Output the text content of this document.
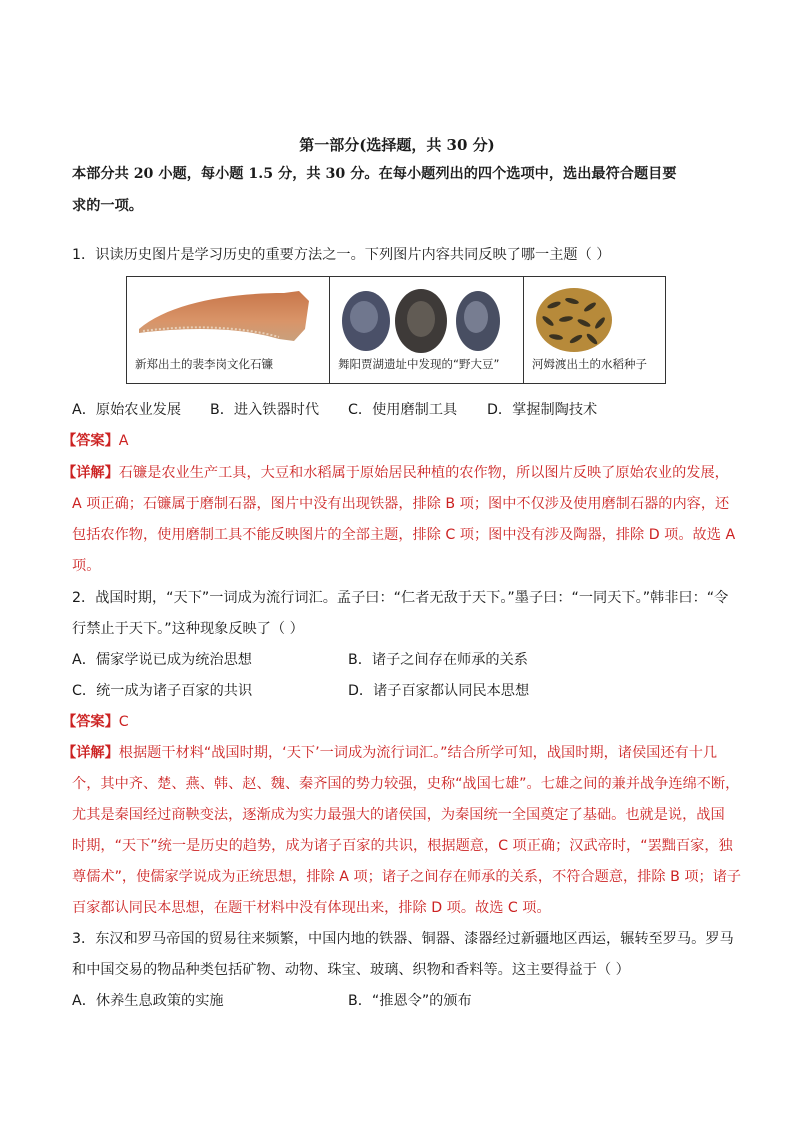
第一部分(选择题，共 30 分)
本部分共 20 小题，每小题 1.5 分，共 30 分。在每小题列出的四个选项中，选出最符合题目要
求的一项。
1．识读历史图片是学习历史的重要方法之一。下列图片内容共同反映了哪一主题（ ）
新郑出土的裴李岗文化石镰	舞阳贾湖遗址中发现的“野大豆”	河姆渡出土的水稻种子
A．原始农业发展 B．进入铁器时代 C．使用磨制工具 D．掌握制陶技术
【答案】A
【详解】石镰是农业生产工具，大豆和水稻属于原始居民种植的农作物，所以图片反映了原始农业的发展，
A 项正确；石镰属于磨制石器，图片中没有出现铁器，排除 B 项；图中不仅涉及使用磨制石器的内容，还
包括农作物，使用磨制工具不能反映图片的全部主题，排除 C 项；图中没有涉及陶器，排除 D 项。故选 A
项。
2．战国时期，“天下”一词成为流行词汇。孟子曰：“仁者无敌于天下。”墨子曰：“一同天下。”韩非曰：“令
行禁止于天下。”这种现象反映了（ ）
A．儒家学说已成为统治思想	B．诸子之间存在师承的关系
C．统一成为诸子百家的共识	D．诸子百家都认同民本思想
【答案】C
【详解】根据题干材料“战国时期，‘天下’一词成为流行词汇。”结合所学可知，战国时期，诸侯国还有十几
个，其中齐、楚、燕、韩、赵、魏、秦齐国的势力较强，史称“战国七雄”。七雄之间的兼并战争连绵不断，
尤其是秦国经过商鞅变法，逐渐成为实力最强大的诸侯国，为秦国统一全国奠定了基础。也就是说，战国
时期，“天下”统一是历史的趋势，成为诸子百家的共识，根据题意，C 项正确；汉武帝时，“罢黜百家，独
尊儒术”，使儒家学说成为正统思想，排除 A 项；诸子之间存在师承的关系，不符合题意，排除 B 项；诸子
百家都认同民本思想，在题干材料中没有体现出来，排除 D 项。故选 C 项。
3．东汉和罗马帝国的贸易往来频繁，中国内地的铁器、铜器、漆器经过新疆地区西运，辗转至罗马。罗马
和中国交易的物品种类包括矿物、动物、珠宝、玻璃、织物和香料等。这主要得益于（ ）
A．休养生息政策的实施	B．“推恩令”的颁布
